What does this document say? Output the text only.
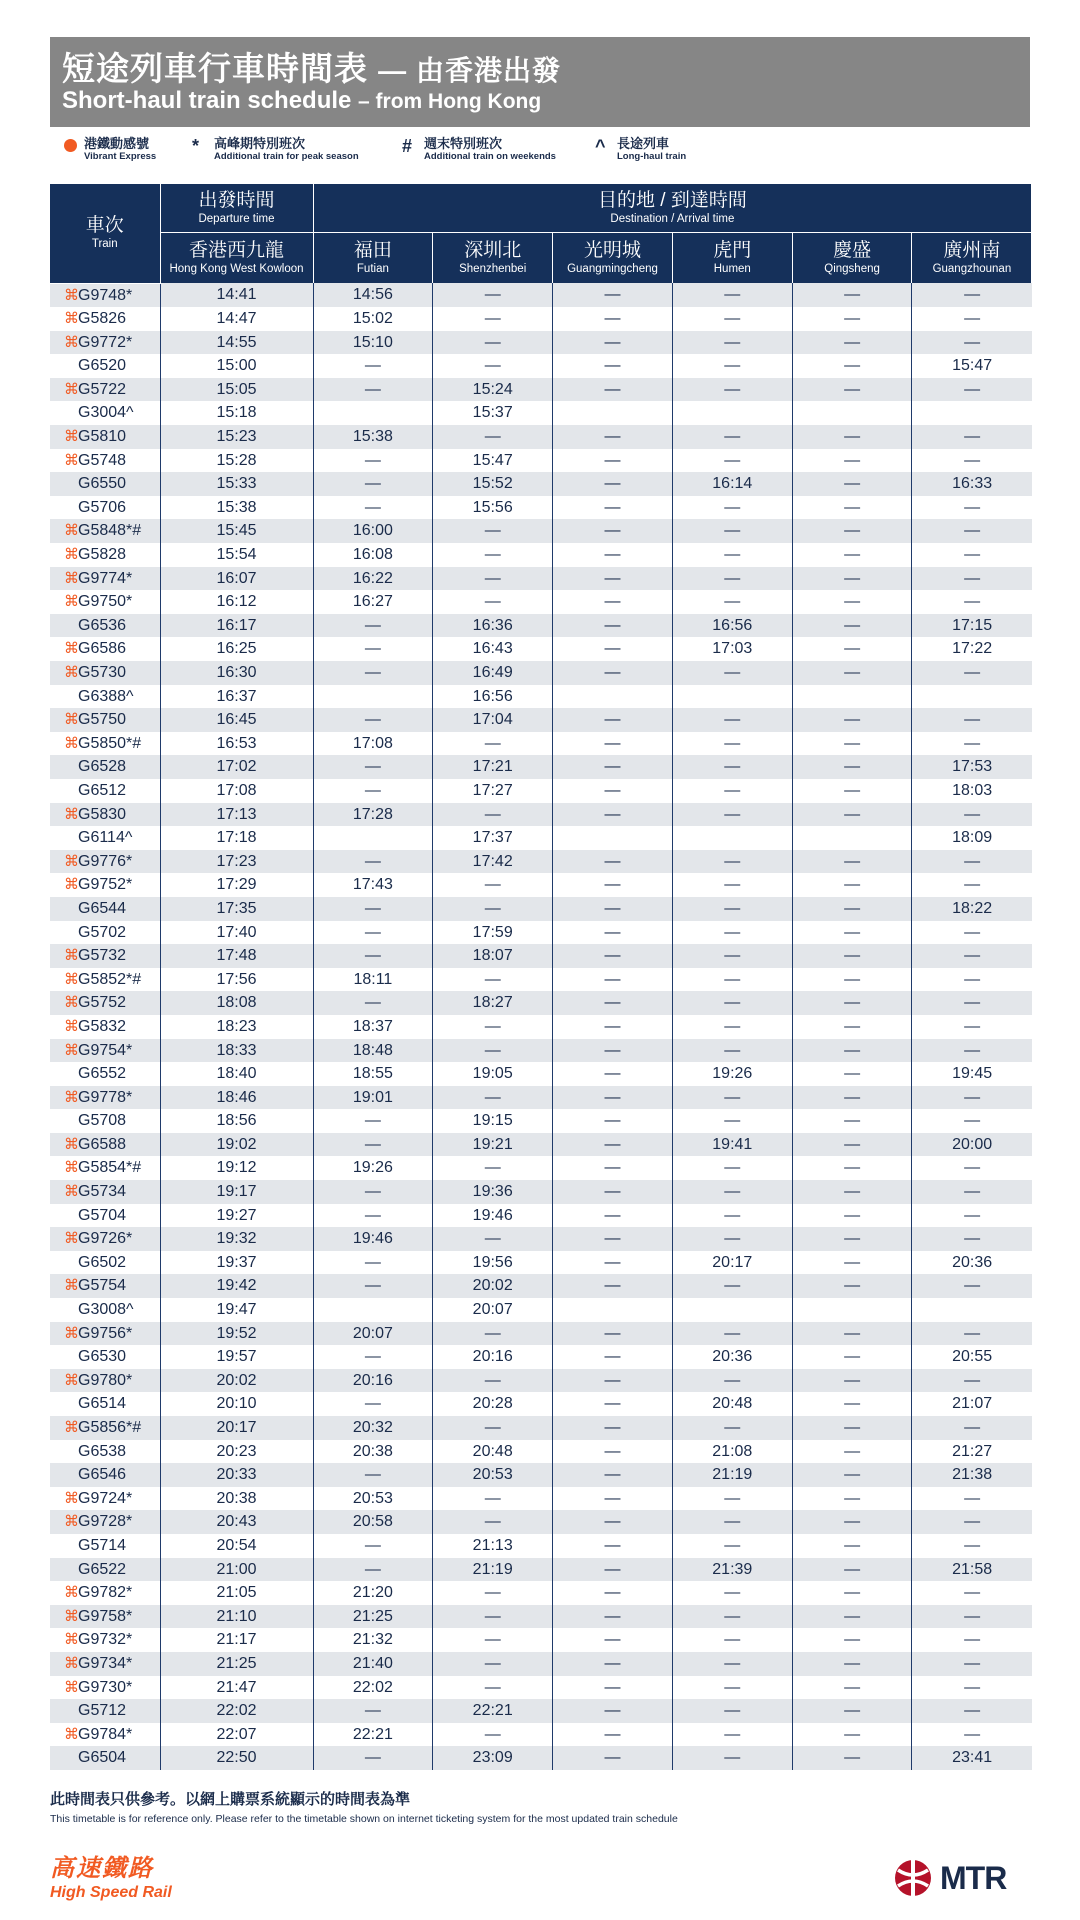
短途列車行車時間表 — 由香港出發
Short-haul train schedule – from Hong Kong
港鐵動感號
Vibrant Express
* 高峰期特別班次
Additional train for peak season
# 週末特別班次
Additional train on weekends
^ 長途列車
Long-haul train
車次
Train	出發時間
Departure time	目的地 / 到達時間
Destination / Arrival time					

	香港西九龍
Hong Kong West Kowloon	福田
Futian	深圳北
Shenzhenbei	光明城
Guangmingcheng	虎門
Humen	慶盛
Qingsheng	廣州南
Guangzhounan

⌘G9748*	14:41	14:56	—	—	—	—	—
⌘G5826	14:47	15:02	—	—	—	—	—
⌘G9772*	14:55	15:10	—	—	—	—	—
G6520	15:00	—	—	—	—	—	15:47
⌘G5722	15:05	—	15:24	—	—	—	—
G3004^	15:18		15:37				
⌘G5810	15:23	15:38	—	—	—	—	—
⌘G5748	15:28	—	15:47	—	—	—	—
G6550	15:33	—	15:52	—	16:14	—	16:33
G5706	15:38	—	15:56	—	—	—	—
⌘G5848*#	15:45	16:00	—	—	—	—	—
⌘G5828	15:54	16:08	—	—	—	—	—
⌘G9774*	16:07	16:22	—	—	—	—	—
⌘G9750*	16:12	16:27	—	—	—	—	—
G6536	16:17	—	16:36	—	16:56	—	17:15
⌘G6586	16:25	—	16:43	—	17:03	—	17:22
⌘G5730	16:30	—	16:49	—	—	—	—
G6388^	16:37		16:56				
⌘G5750	16:45	—	17:04	—	—	—	—
⌘G5850*#	16:53	17:08	—	—	—	—	—
G6528	17:02	—	17:21	—	—	—	17:53
G6512	17:08	—	17:27	—	—	—	18:03
⌘G5830	17:13	17:28	—	—	—	—	—
G6114^	17:18		17:37				18:09
⌘G9776*	17:23	—	17:42	—	—	—	—
⌘G9752*	17:29	17:43	—	—	—	—	—
G6544	17:35	—	—	—	—	—	18:22
G5702	17:40	—	17:59	—	—	—	—
⌘G5732	17:48	—	18:07	—	—	—	—
⌘G5852*#	17:56	18:11	—	—	—	—	—
⌘G5752	18:08	—	18:27	—	—	—	—
⌘G5832	18:23	18:37	—	—	—	—	—
⌘G9754*	18:33	18:48	—	—	—	—	—
G6552	18:40	18:55	19:05	—	19:26	—	19:45
⌘G9778*	18:46	19:01	—	—	—	—	—
G5708	18:56	—	19:15	—	—	—	—
⌘G6588	19:02	—	19:21	—	19:41	—	20:00
⌘G5854*#	19:12	19:26	—	—	—	—	—
⌘G5734	19:17	—	19:36	—	—	—	—
G5704	19:27	—	19:46	—	—	—	—
⌘G9726*	19:32	19:46	—	—	—	—	—
G6502	19:37	—	19:56	—	20:17	—	20:36
⌘G5754	19:42	—	20:02	—	—	—	—
G3008^	19:47		20:07				
⌘G9756*	19:52	20:07	—	—	—	—	—
G6530	19:57	—	20:16	—	20:36	—	20:55
⌘G9780*	20:02	20:16	—	—	—	—	—
G6514	20:10	—	20:28	—	20:48	—	21:07
⌘G5856*#	20:17	20:32	—	—	—	—	—
G6538	20:23	20:38	20:48	—	21:08	—	21:27
G6546	20:33	—	20:53	—	21:19	—	21:38
⌘G9724*	20:38	20:53	—	—	—	—	—
⌘G9728*	20:43	20:58	—	—	—	—	—
G5714	20:54	—	21:13	—	—	—	—
G6522	21:00	—	21:19	—	21:39	—	21:58
⌘G9782*	21:05	21:20	—	—	—	—	—
⌘G9758*	21:10	21:25	—	—	—	—	—
⌘G9732*	21:17	21:32	—	—	—	—	—
⌘G9734*	21:25	21:40	—	—	—	—	—
⌘G9730*	21:47	22:02	—	—	—	—	—
G5712	22:02	—	22:21	—	—	—	—
⌘G9784*	22:07	22:21	—	—	—	—	—
G6504	22:50	—	23:09	—	—	—	23:41
此時間表只供參考。以網上購票系統顯示的時間表為準
This timetable is for reference only. Please refer to the timetable shown on internet ticketing system for the most updated train schedule
高速鐵路
High Speed Rail	MTR
